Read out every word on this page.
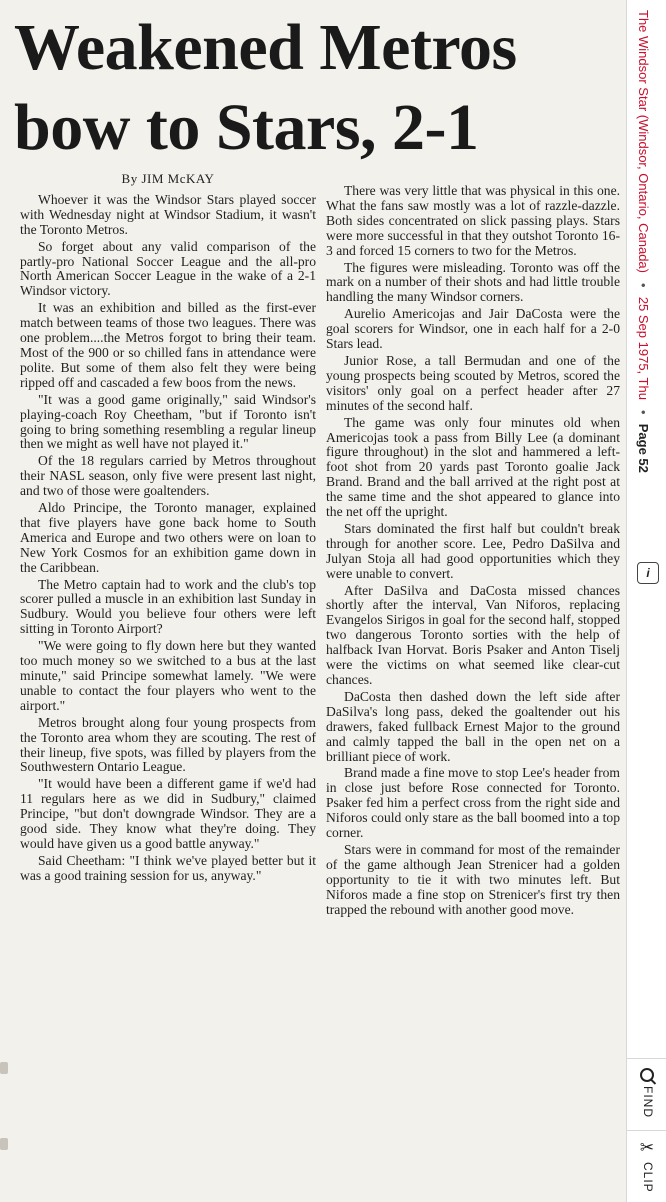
Weakened Metros
bow to Stars, 2-1
By JIM McKAY

Whoever it was the Windsor Stars played soccer with Wednesday night at Windsor Stadium, it wasn't the Toronto Metros.

So forget about any valid comparison of the partly-pro National Soccer League and the all-pro North American Soccer League in the wake of a 2-1 Windsor victory.

It was an exhibition and billed as the first-ever match between teams of those two leagues. There was one problem....the Metros forgot to bring their team. Most of the 900 or so chilled fans in attendance were polite. But some of them also felt they were being ripped off and cascaded a few boos from the news.

"It was a good game originally," said Windsor's playing-coach Roy Cheetham, "but if Toronto isn't going to bring something resembling a regular lineup then we might as well have not played it."

Of the 18 regulars carried by Metros throughout their NASL season, only five were present last night, and two of those were goaltenders.

Aldo Principe, the Toronto manager, explained that five players have gone back home to South America and Europe and two others were on loan to New York Cosmos for an exhibition game down in the Caribbean.

The Metro captain had to work and the club's top scorer pulled a muscle in an exhibition last Sunday in Sudbury. Would you believe four others were left sitting in Toronto Airport?

"We were going to fly down here but they wanted too much money so we switched to a bus at the last minute," said Principe somewhat lamely. "We were unable to contact the four players who went to the airport."

Metros brought along four young prospects from the Toronto area whom they are scouting. The rest of their lineup, five spots, was filled by players from the Southwestern Ontario League.

"It would have been a different game if we'd had 11 regulars here as we did in Sudbury," claimed Principe, "but don't downgrade Windsor. They are a good side. They know what they're doing. They would have given us a good battle anyway."

Said Cheetham: "I think we've played better but it was a good training session for us, anyway."

There was very little that was physical in this one. What the fans saw mostly was a lot of razzle-dazzle. Both sides concentrated on slick passing plays. Stars were more successful in that they outshot Toronto 16-3 and forced 15 corners to two for the Metros.

The figures were misleading. Toronto was off the mark on a number of their shots and had little trouble handling the many Windsor corners.

Aurelio Americojas and Jair DaCosta were the goal scorers for Windsor, one in each half for a 2-0 Stars lead.

Junior Rose, a tall Bermudan and one of the young prospects being scouted by Metros, scored the visitors' only goal on a perfect header after 27 minutes of the second half.

The game was only four minutes old when Americojas took a pass from Billy Lee (a dominant figure throughout) in the slot and hammered a left-foot shot from 20 yards past Toronto goalie Jack Brand. Brand and the ball arrived at the right post at the same time and the shot appeared to glance into the net off the upright.

Stars dominated the first half but couldn't break through for another score. Lee, Pedro DaSilva and Julyan Stoja all had good opportunities which they were unable to convert.

After DaSilva and DaCosta missed chances shortly after the interval, Van Niforos, replacing Evangelos Sirigos in goal for the second half, stopped two dangerous Toronto sorties with the help of halfback Ivan Horvat. Boris Psaker and Anton Tiselj were the victims on what seemed like clear-cut chances.

DaCosta then dashed down the left side after DaSilva's long pass, deked the goaltender out his drawers, faked fullback Ernest Major to the ground and calmly tapped the ball in the open net on a brilliant piece of work.

Brand made a fine move to stop Lee's header from in close just before Rose connected for Toronto. Psaker fed him a perfect cross from the right side and Niforos could only stare as the ball boomed into a top corner.

Stars were in command for most of the remainder of the game although Jean Strenicer had a golden opportunity to tie it with two minutes left. But Niforos made a fine stop on Strenicer's first try then trapped the rebound with another good move.

The Windsor Star (Windsor, Ontario, Canada) • 25 Sep 1975, Thu • Page 52
i
FIND
✂
CLIP
